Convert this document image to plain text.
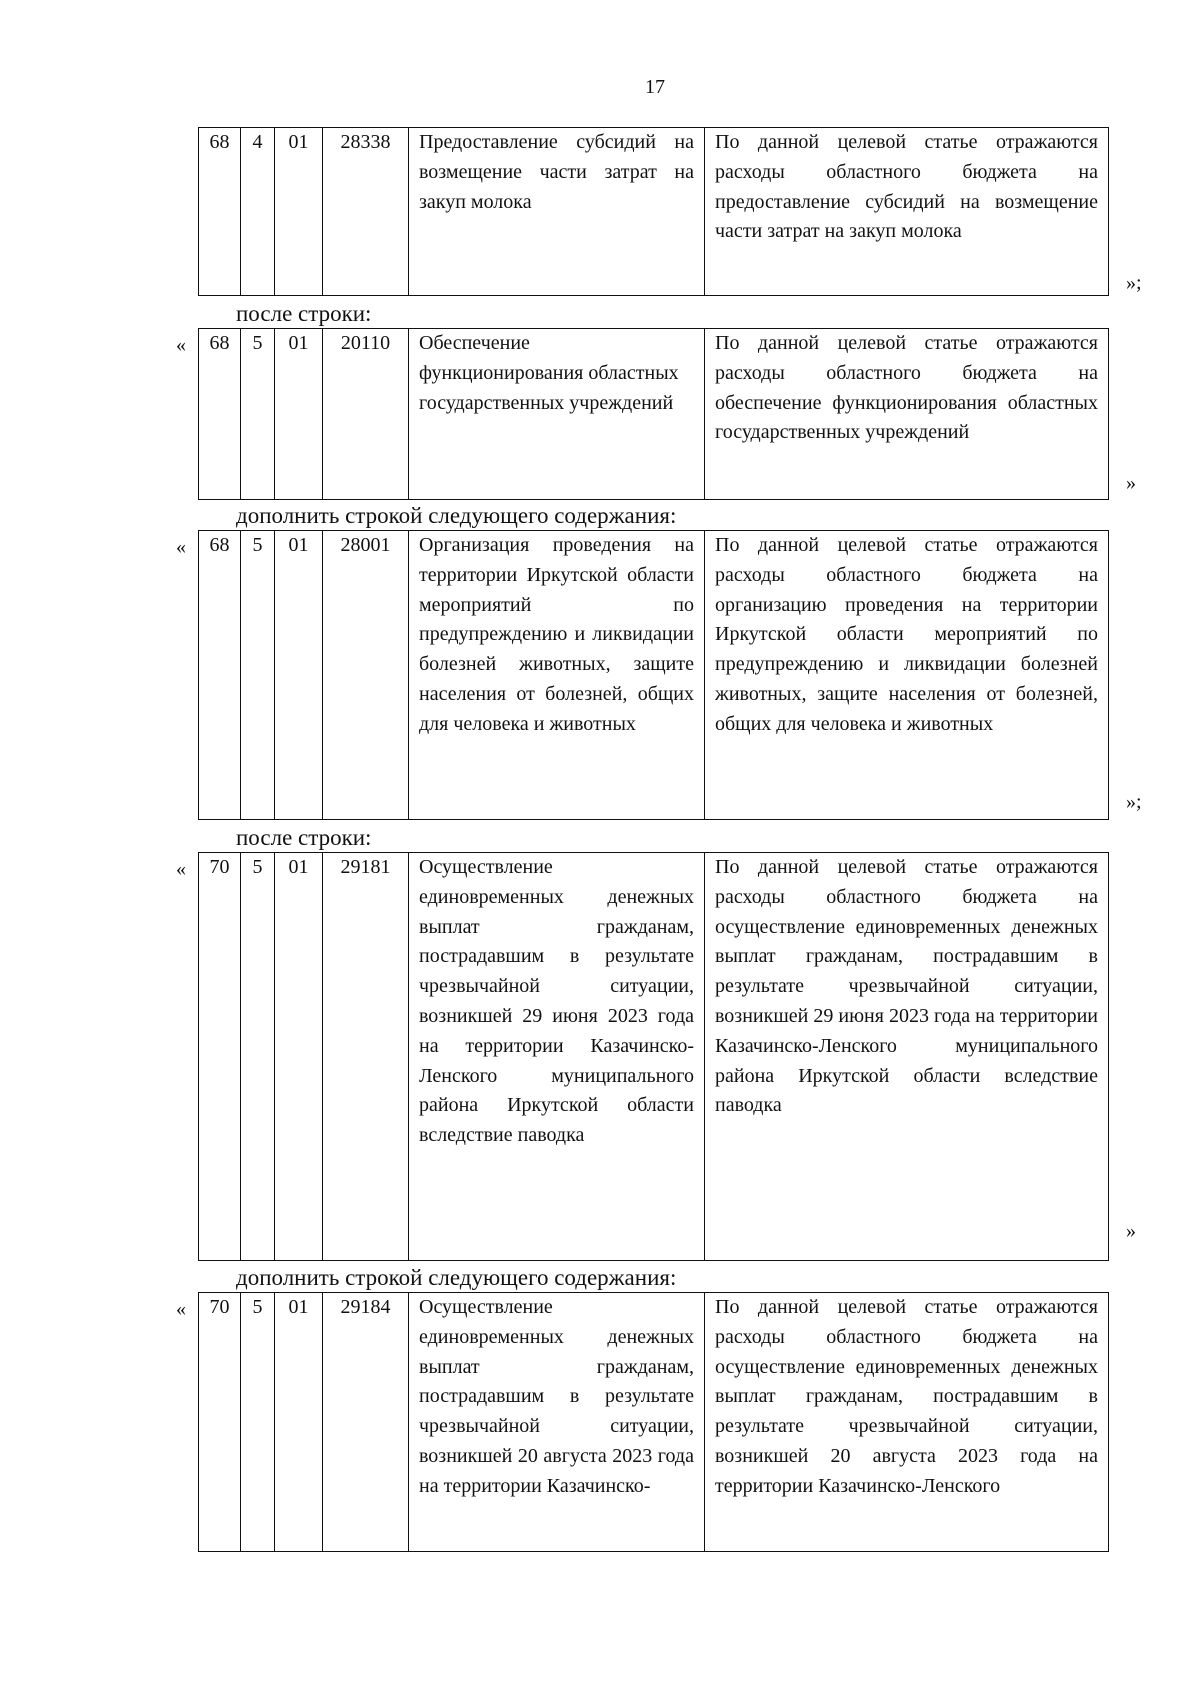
17
68	4	01	28338	Предоставление субсидий на возмещение части затрат на закуп молока	По данной целевой статье отражаются расходы областного бюджета на предоставление субсидий на возмещение части затрат на закуп молока
»;
после строки:
« 68	5	01	20110	Обеспечение функционирования областных государственных учреждений	По данной целевой статье отражаются расходы областного бюджета на обеспечение функционирования областных государственных учреждений
»
дополнить строкой следующего содержания:
« 68	5	01	28001	Организация проведения на территории Иркутской области мероприятий по предупреждению и ликвидации болезней животных, защите населения от болезней, общих для человека и животных	По данной целевой статье отражаются расходы областного бюджета на организацию проведения на территории Иркутской области мероприятий по предупреждению и ликвидации болезней животных, защите населения от болезней, общих для человека и животных
»;
после строки:
« 70	5	01	29181	Осуществление единовременных денежных выплат гражданам, пострадавшим в результате чрезвычайной ситуации, возникшей 29 июня 2023 года на территории Казачинско-Ленского муниципального района Иркутской области вследствие паводка	По данной целевой статье отражаются расходы областного бюджета на осуществление единовременных денежных выплат гражданам, пострадавшим в результате чрезвычайной ситуации, возникшей 29 июня 2023 года на территории Казачинско-Ленского муниципального района Иркутской области вследствие паводка
»
дополнить строкой следующего содержания:
« 70	5	01	29184	Осуществление единовременных денежных выплат гражданам, пострадавшим в результате чрезвычайной ситуации, возникшей 20 августа 2023 года на территории Казачинско-	По данной целевой статье отражаются расходы областного бюджета на осуществление единовременных денежных выплат гражданам, пострадавшим в результате чрезвычайной ситуации, возникшей 20 августа 2023 года на территории Казачинско-Ленского
